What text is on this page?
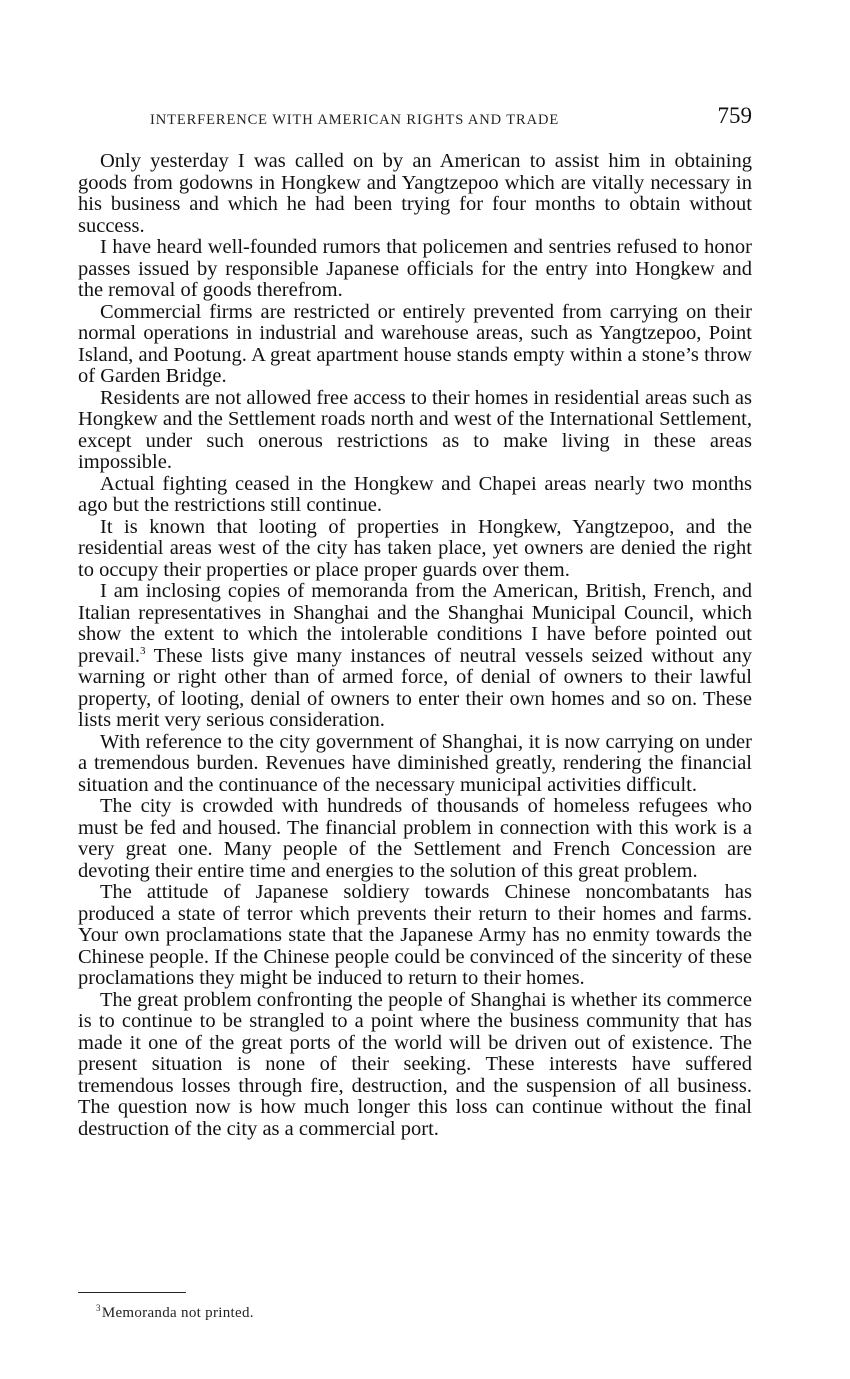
INTERFERENCE WITH AMERICAN RIGHTS AND TRADE	759

Only yesterday I was called on by an American to assist him in obtaining goods from godowns in Hongkew and Yangtzepoo which are vitally necessary in his business and which he had been trying for four months to obtain without success.

I have heard well-founded rumors that policemen and sentries refused to honor passes issued by responsible Japanese officials for the entry into Hongkew and the removal of goods therefrom.

Commercial firms are restricted or entirely prevented from carrying on their normal operations in industrial and warehouse areas, such as Yangtzepoo, Point Island, and Pootung. A great apartment house stands empty within a stone’s throw of Garden Bridge.

Residents are not allowed free access to their homes in residential areas such as Hongkew and the Settlement roads north and west of the International Settlement, except under such onerous restrictions as to make living in these areas impossible.

Actual fighting ceased in the Hongkew and Chapei areas nearly two months ago but the restrictions still continue.

It is known that looting of properties in Hongkew, Yangtzepoo, and the residential areas west of the city has taken place, yet owners are denied the right to occupy their properties or place proper guards over them.

I am inclosing copies of memoranda from the American, British, French, and Italian representatives in Shanghai and the Shanghai Municipal Council, which show the extent to which the intolerable conditions I have before pointed out prevail.$^3$ These lists give many instances of neutral vessels seized without any warning or right other than of armed force, of denial of owners to their lawful property, of looting, denial of owners to enter their own homes and so on. These lists merit very serious consideration.

With reference to the city government of Shanghai, it is now carrying on under a tremendous burden. Revenues have diminished greatly, rendering the financial situation and the continuance of the necessary municipal activities difficult.

The city is crowded with hundreds of thousands of homeless refugees who must be fed and housed. The financial problem in connection with this work is a very great one. Many people of the Settlement and French Concession are devoting their entire time and energies to the solution of this great problem.

The attitude of Japanese soldiery towards Chinese noncombatants has produced a state of terror which prevents their return to their homes and farms. Your own proclamations state that the Japanese Army has no enmity towards the Chinese people. If the Chinese people could be convinced of the sincerity of these proclamations they might be induced to return to their homes.

The great problem confronting the people of Shanghai is whether its commerce is to continue to be strangled to a point where the business community that has made it one of the great ports of the world will be driven out of existence. The present situation is none of their seeking. These interests have suffered tremendous losses through fire, destruction, and the suspension of all business. The question now is how much longer this loss can continue without the final destruction of the city as a commercial port.

$^3$Memoranda not printed.
